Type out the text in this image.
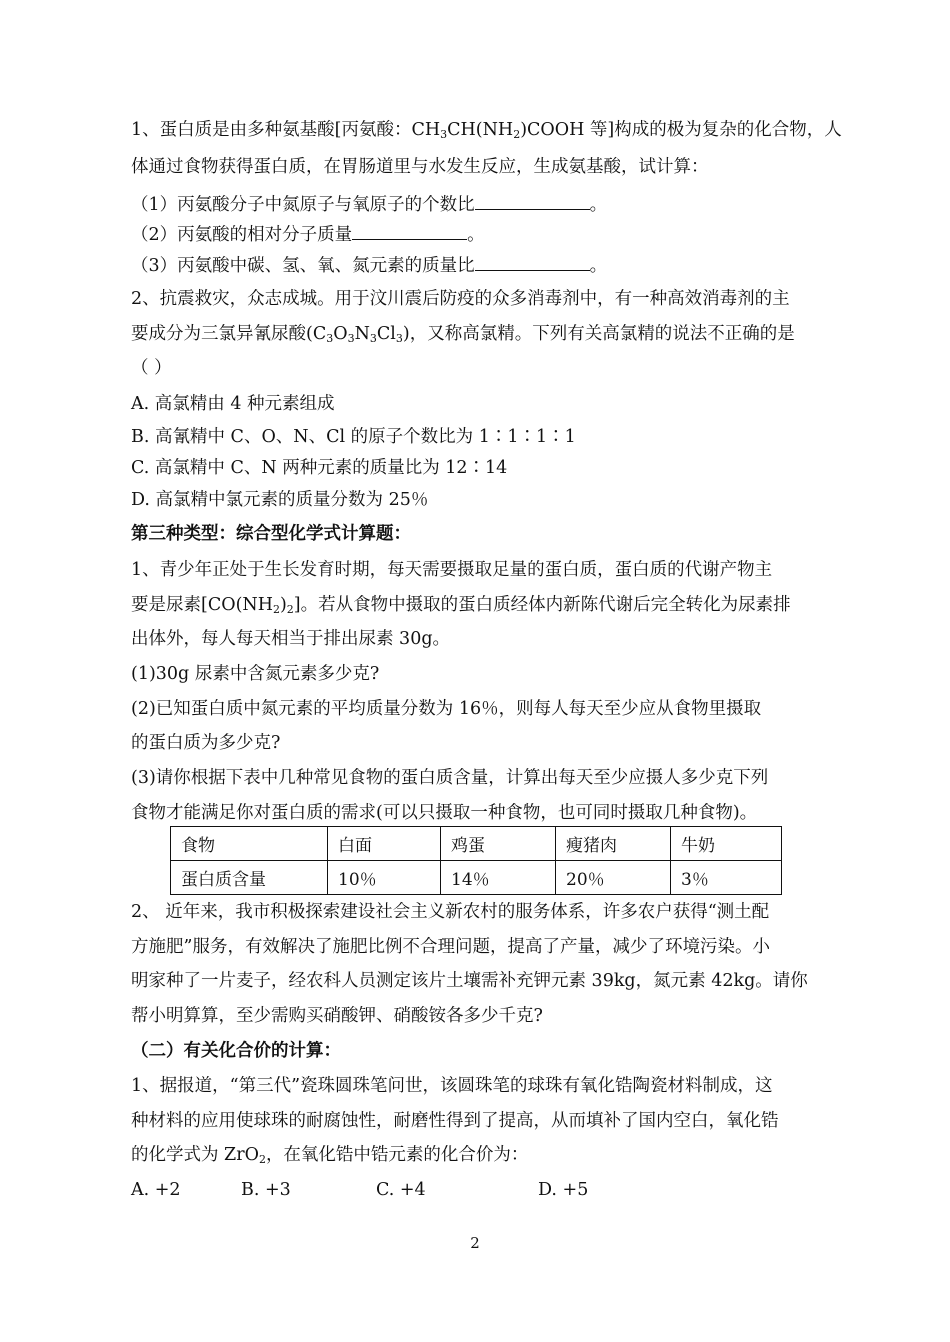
1、蛋白质是由多种氨基酸[丙氨酸：$CH_3CH(NH_2)COOH$ 等]构成的极为复杂的化合物，人
体通过食物获得蛋白质，在胃肠道里与水发生反应，生成氨基酸，试计算：
（1）丙氨酸分子中氮原子与氧原子的个数比	。
（2）丙氨酸的相对分子质量	。
（3）丙氨酸中碳、氢、氧、氮元素的质量比	。
2、抗震救灾，众志成城。用于汶川震后防疫的众多消毒剂中，有一种高效消毒剂的主
要成分为三氯异氰尿酸$(C_3O_3N_3Cl_3)$，又称高氯精。下列有关高氯精的说法不正确的是
（ ）
A. 高氯精由 4 种元素组成
B. 高氰精中 C、O、N、Cl 的原子个数比为 1∶1∶1∶1
C. 高氯精中 C、N 两种元素的质量比为 12∶14
D. 高氯精中氯元素的质量分数为 25％
第三种类型：综合型化学式计算题：
1、青少年正处于生长发育时期，每天需要摄取足量的蛋白质，蛋白质的代谢产物主
要是尿素$[CO(NH_2)_2]$。若从食物中摄取的蛋白质经体内新陈代谢后完全转化为尿素排
出体外，每人每天相当于排出尿素 30g。
(1)30g 尿素中含氮元素多少克?
(2)已知蛋白质中氮元素的平均质量分数为 16％，则每人每天至少应从食物里摄取
的蛋白质为多少克?
(3)请你根据下表中几种常见食物的蛋白质含量，计算出每天至少应摄人多少克下列
食物才能满足你对蛋白质的需求(可以只摄取一种食物，也可同时摄取几种食物)。
食物	白面	鸡蛋	瘦猪肉	牛奶
蛋白质含量	10％	14％	20％	3％
2、 近年来，我市积极探索建设社会主义新农村的服务体系，许多农户获得“测土配
方施肥”服务，有效解决了施肥比例不合理问题，提高了产量，减少了环境污染。小
明家种了一片麦子，经农科人员测定该片土壤需补充钾元素 39kg，氮元素 42kg。请你
帮小明算算，至少需购买硝酸钾、硝酸铵各多少千克?
（二）有关化合价的计算：
1、据报道，“第三代”瓷珠圆珠笔问世，该圆珠笔的球珠有氧化锆陶瓷材料制成，这
种材料的应用使球珠的耐腐蚀性，耐磨性得到了提高，从而填补了国内空白，氧化锆
的化学式为 ZrO$_2$，在氧化锆中锆元素的化合价为：
A. +2	B. +3	C. +4	D. +5
2
